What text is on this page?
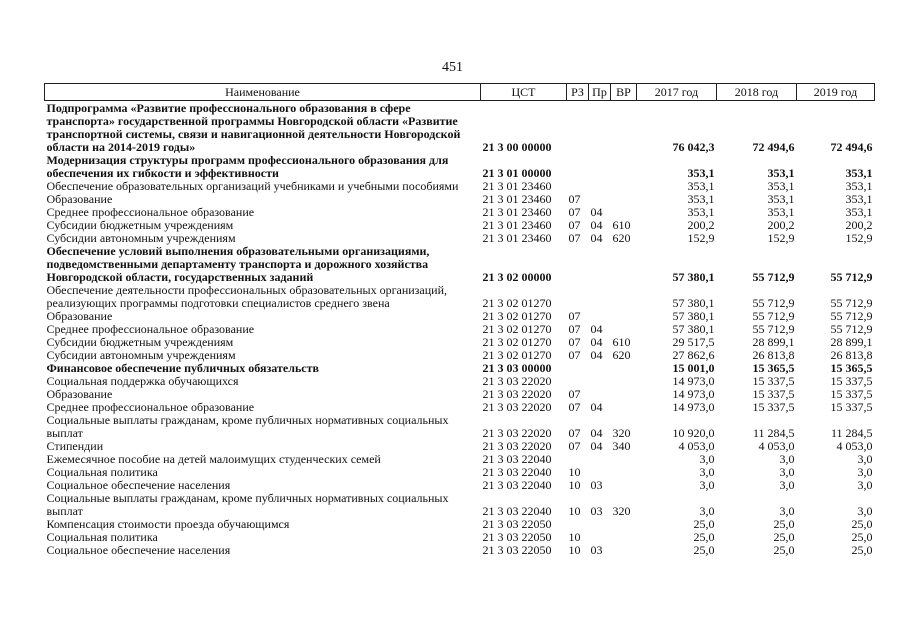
451
Наименование	ЦСТ	РЗ	Пр	ВР	2017 год	2018 год	2019 год
Подпрограмма «Развитие профессионального образования в сфере транспорта» государственной программы Новгородской области «Развитие транспортной системы, связи и навигационной деятельности Новгородской области на 2014-2019 годы»	21 3 00 00000				76 042,3	72 494,6	72 494,6
Модернизация структуры программ профессионального образования для обеспечения их гибкости и эффективности	21 3 01 00000				353,1	353,1	353,1
Обеспечение образовательных организаций учебниками и учебными пособиями	21 3 01 23460				353,1	353,1	353,1
Образование	21 3 01 23460	07			353,1	353,1	353,1
Среднее профессиональное образование	21 3 01 23460	07	04		353,1	353,1	353,1
Субсидии бюджетным учреждениям	21 3 01 23460	07	04	610	200,2	200,2	200,2
Субсидии автономным учреждениям	21 3 01 23460	07	04	620	152,9	152,9	152,9
Обеспечение условий выполнения образовательными организациями, подведомственными департаменту транспорта и дорожного хозяйства Новгородской области, государственных заданий	21 3 02 00000				57 380,1	55 712,9	55 712,9
Обеспечение деятельности профессиональных образовательных организаций, реализующих программы подготовки специалистов среднего звена	21 3 02 01270				57 380,1	55 712,9	55 712,9
Образование	21 3 02 01270	07			57 380,1	55 712,9	55 712,9
Среднее профессиональное образование	21 3 02 01270	07	04		57 380,1	55 712,9	55 712,9
Субсидии бюджетным учреждениям	21 3 02 01270	07	04	610	29 517,5	28 899,1	28 899,1
Субсидии автономным учреждениям	21 3 02 01270	07	04	620	27 862,6	26 813,8	26 813,8
Финансовое обеспечение публичных обязательств	21 3 03 00000				15 001,0	15 365,5	15 365,5
Социальная поддержка обучающихся	21 3 03 22020				14 973,0	15 337,5	15 337,5
Образование	21 3 03 22020	07			14 973,0	15 337,5	15 337,5
Среднее профессиональное образование	21 3 03 22020	07	04		14 973,0	15 337,5	15 337,5
Социальные выплаты гражданам, кроме публичных нормативных социальных выплат	21 3 03 22020	07	04	320	10 920,0	11 284,5	11 284,5
Стипендии	21 3 03 22020	07	04	340	4 053,0	4 053,0	4 053,0
Ежемесячное пособие на детей малоимущих студенческих семей	21 3 03 22040				3,0	3,0	3,0
Социальная политика	21 3 03 22040	10			3,0	3,0	3,0
Социальное обеспечение населения	21 3 03 22040	10	03		3,0	3,0	3,0
Социальные выплаты гражданам, кроме публичных нормативных социальных выплат	21 3 03 22040	10	03	320	3,0	3,0	3,0
Компенсация стоимости проезда обучающимся	21 3 03 22050				25,0	25,0	25,0
Социальная политика	21 3 03 22050	10			25,0	25,0	25,0
Социальное обеспечение населения	21 3 03 22050	10	03		25,0	25,0	25,0
